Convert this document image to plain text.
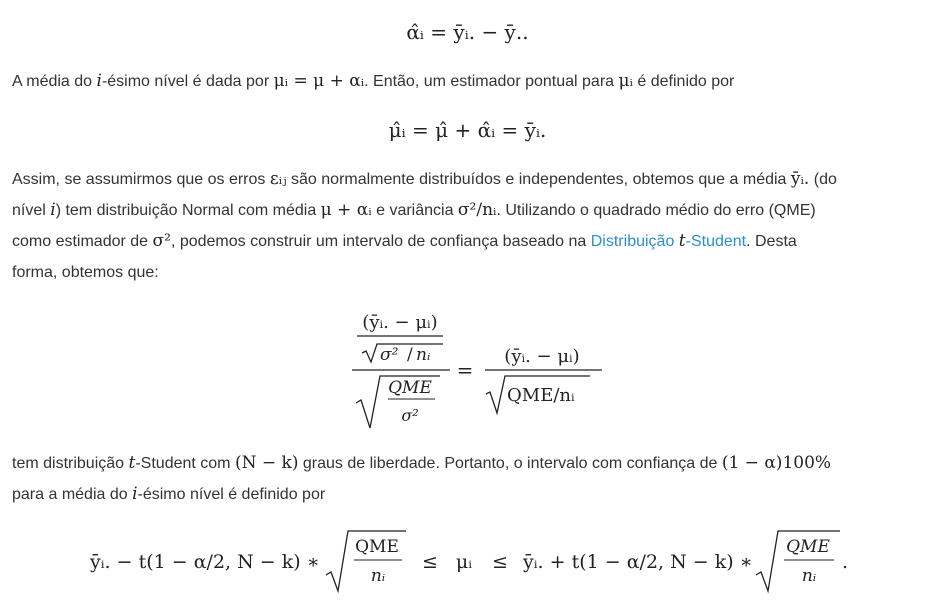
α̂ᵢ = ȳᵢ. − ȳ..
A média do i-ésimo nível é dada por μᵢ = μ + αᵢ. Então, um estimador pontual para μᵢ é definido por
μ̂ᵢ = μ̂ + α̂ᵢ = ȳᵢ.
Assim, se assumirmos que os erros εᵢⱼ são normalmente distribuídos e independentes, obtemos que a média ȳᵢ. (do
nível i) tem distribuição Normal com média μ + αᵢ e variância σ²/nᵢ. Utilizando o quadrado médio do erro (QME)
como estimador de σ², podemos construir um intervalo de confiança baseado na Distribuição t-Student. Desta
forma, obtemos que:
(ȳᵢ. − μᵢ)
σ² / nᵢ
QME
σ²
=
(ȳᵢ. − μᵢ)
QME/nᵢ
tem distribuição t-Student com (N − k) graus de liberdade. Portanto, o intervalo com confiança de (1 − α)100%
para a média do i-ésimo nível é definido por
ȳᵢ. − t(1 − α/2, N − k) ∗
QME
nᵢ
≤ μᵢ ≤ ȳᵢ. + t(1 − α/2, N − k) ∗
QME
nᵢ
.
